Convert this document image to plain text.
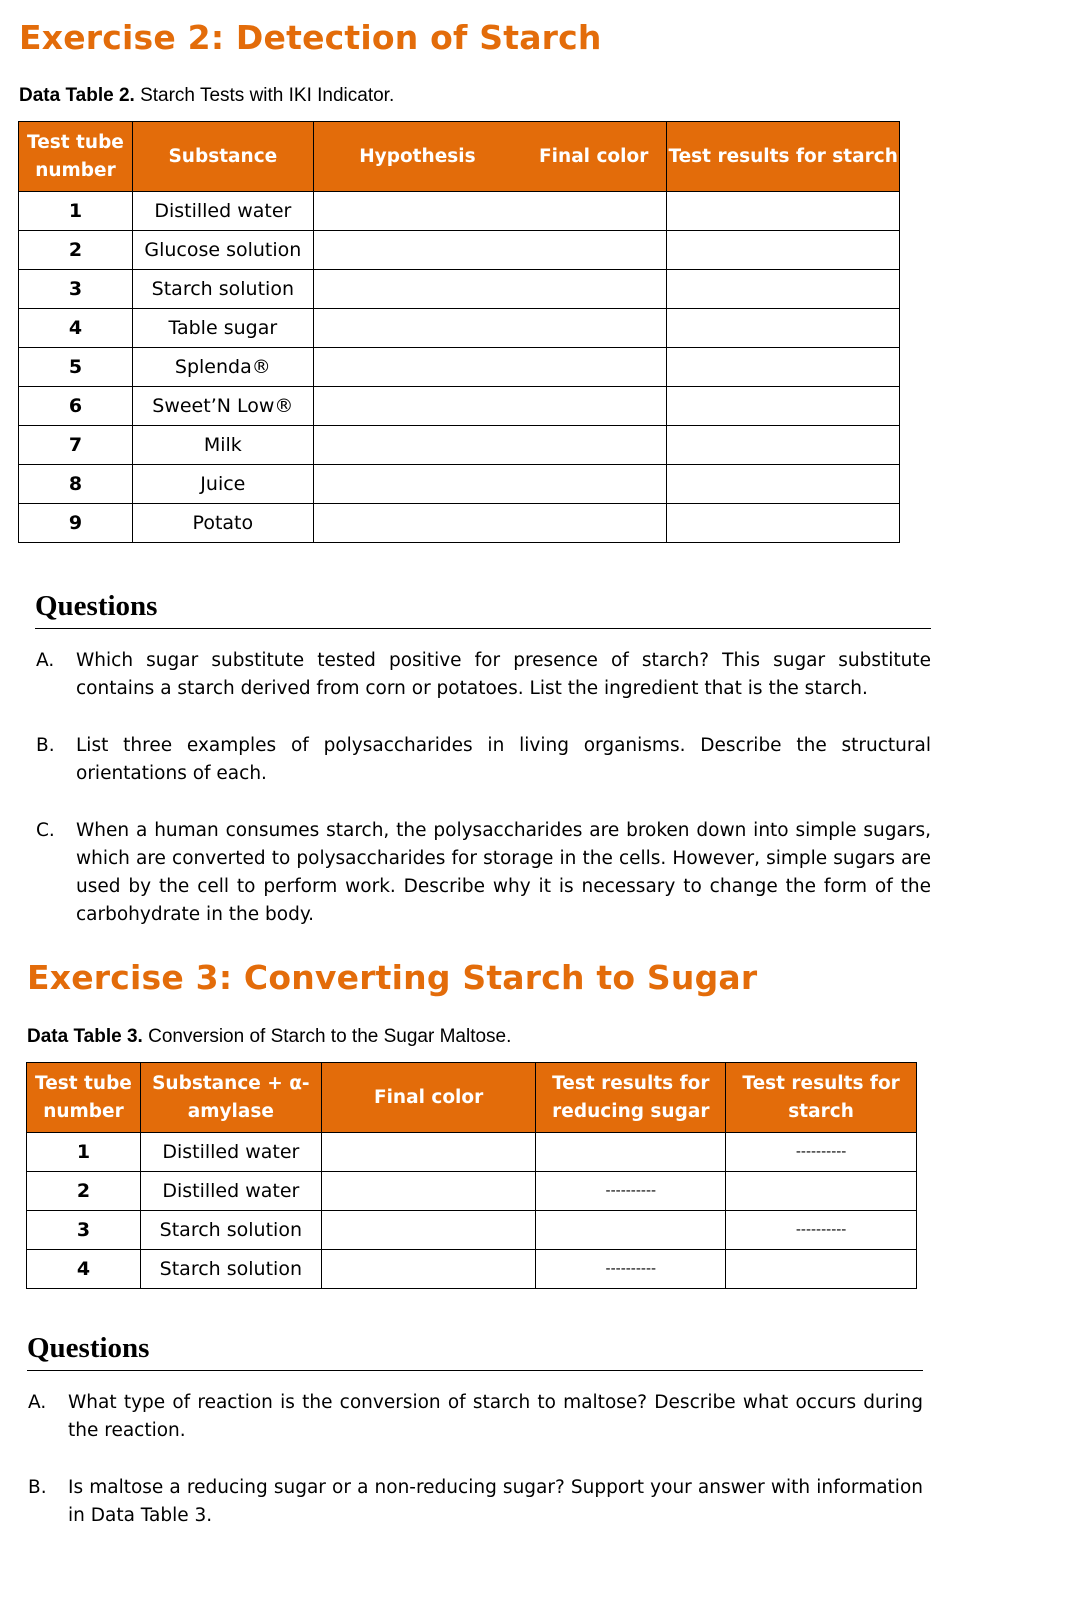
Exercise 2: Detection of Starch

Data Table 2. Starch Tests with IKI Indicator.

Test tube number	Substance	Hypothesis	Final color	Test results for starch
1	Distilled water			
2	Glucose solution			
3	Starch solution			
4	Table sugar			
5	Splenda®			
6	Sweet’N Low®			
7	Milk			
8	Juice			
9	Potato			
Questions
A. Which sugar substitute tested positive for presence of starch? This sugar substitute contains a starch derived from corn or potatoes. List the ingredient that is the starch.
B. List three examples of polysaccharides in living organisms. Describe the structural orientations of each.
C. When a human consumes starch, the polysaccharides are broken down into simple sugars, which are converted to polysaccharides for storage in the cells. However, simple sugars are used by the cell to perform work. Describe why it is necessary to change the form of the carbohydrate in the body.
Exercise 3: Converting Starch to Sugar

Data Table 3. Conversion of Starch to the Sugar Maltose.

Test tube number	Substance + α-amylase	Final color	Test results for reducing sugar	Test results for starch
1	Distilled water			----------
2	Distilled water		----------	
3	Starch solution			----------
4	Starch solution		----------	
Questions
A. What type of reaction is the conversion of starch to maltose? Describe what occurs during the reaction.
B. Is maltose a reducing sugar or a non-reducing sugar? Support your answer with information in Data Table 3.
